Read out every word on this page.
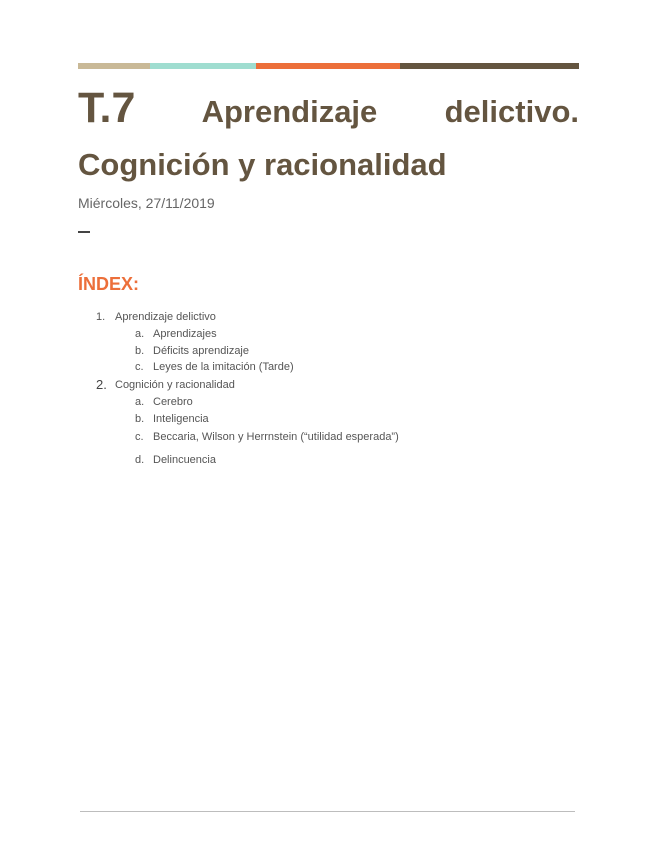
T.7 Aprendizaje delictivo. Cognición y racionalidad

Miércoles, 27/11/2019

ÍNDEX:
1. Aprendizaje delictivo
a. Aprendizajes
b. Déficits aprendizaje
c. Leyes de la imitación (Tarde)
2. Cognición y racionalidad
a. Cerebro
b. Inteligencia
c. Beccaria, Wilson y Herrnstein (“utilidad esperada”)
d. Delincuencia
